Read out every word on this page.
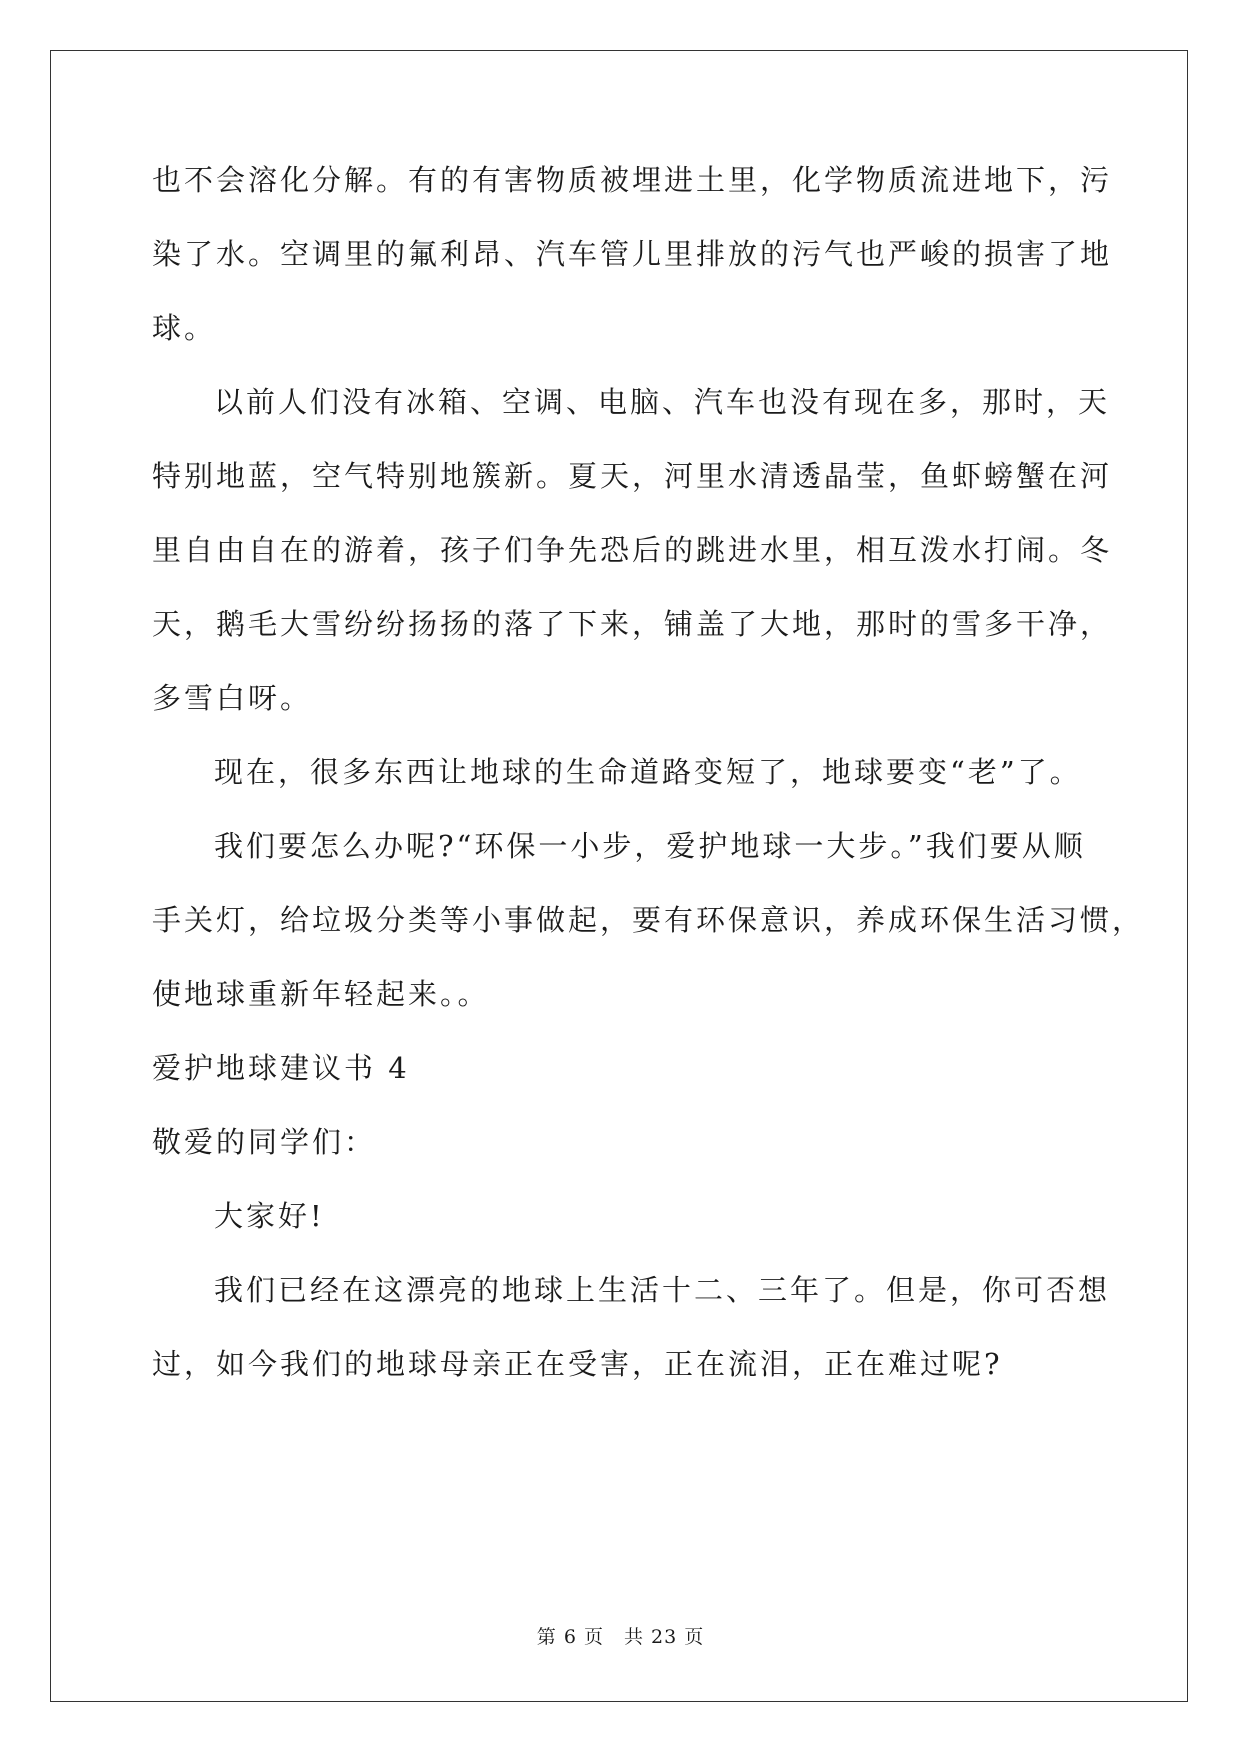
也不会溶化分解。有的有害物质被埋进土里，化学物质流进地下，污
染了水。空调里的氟利昂、汽车管儿里排放的污气也严峻的损害了地
球。
以前人们没有冰箱、空调、电脑、汽车也没有现在多，那时，天
特别地蓝，空气特别地簇新。夏天，河里水清透晶莹，鱼虾螃蟹在河
里自由自在的游着，孩子们争先恐后的跳进水里，相互泼水打闹。冬
天，鹅毛大雪纷纷扬扬的落了下来，铺盖了大地，那时的雪多干净，
多雪白呀。
现在，很多东西让地球的生命道路变短了，地球要变“老”了。
我们要怎么办呢?“环保一小步，爱护地球一大步。”我们要从顺
手关灯，给垃圾分类等小事做起，要有环保意识，养成环保生活习惯，
使地球重新年轻起来。。
爱护地球建议书 4
敬爱的同学们：
大家好!
我们已经在这漂亮的地球上生活十二、三年了。但是，你可否想
过，如今我们的地球母亲正在受害，正在流泪，正在难过呢?
第 6 页　共 23 页
